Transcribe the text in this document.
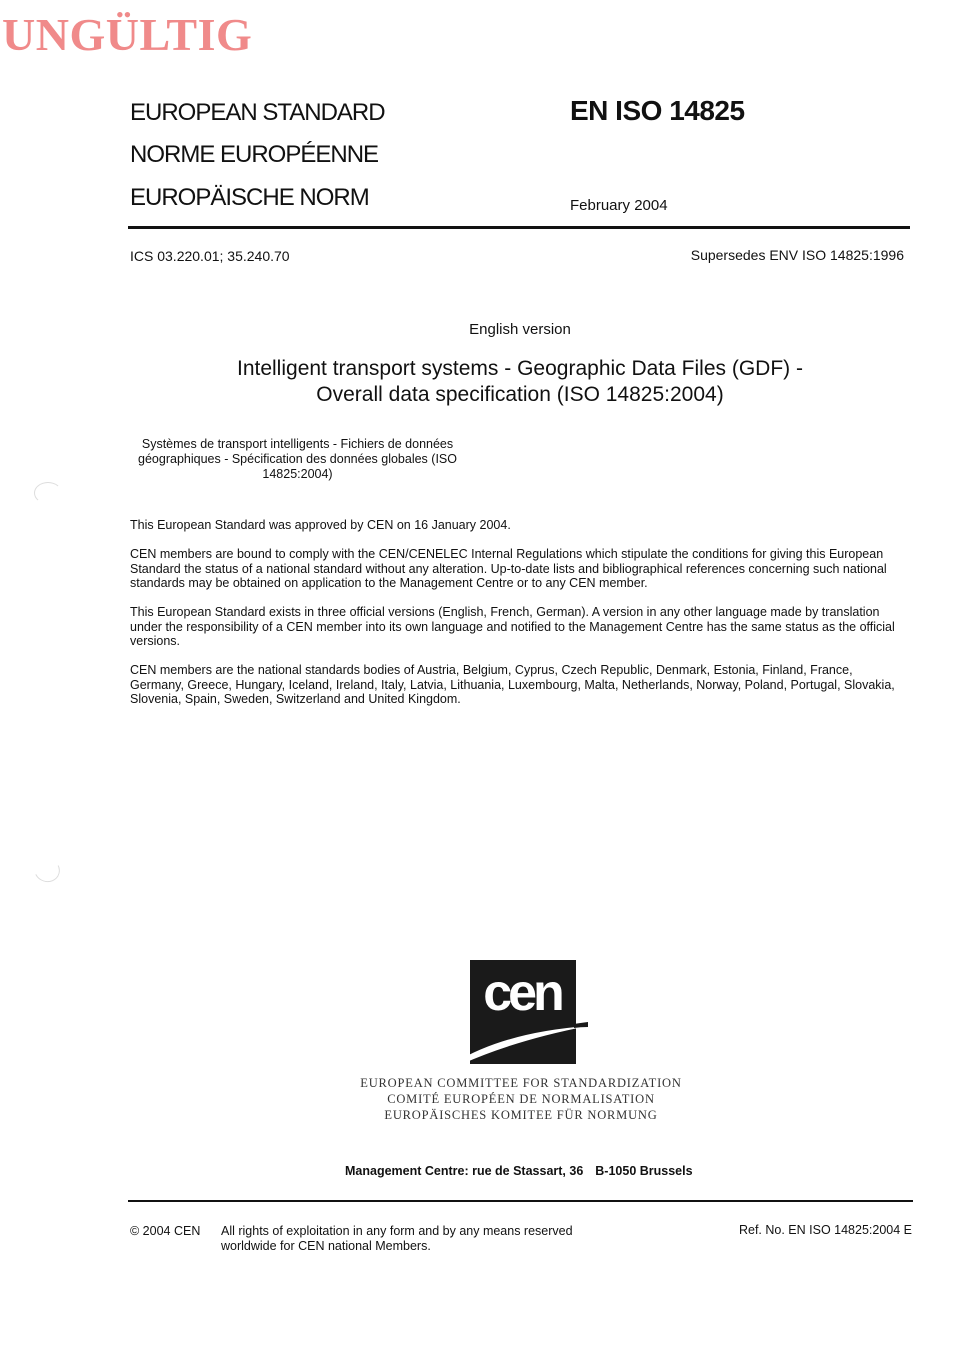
UNGÜLTIG
EUROPEAN STANDARD
NORME EUROPÉENNE
EUROPÄISCHE NORM
EN ISO 14825
February 2004
ICS 03.220.01; 35.240.70	Supersedes ENV ISO 14825:1996
English version
Intelligent transport systems - Geographic Data Files (GDF) -
Overall data specification (ISO 14825:2004)
Systèmes de transport intelligents - Fichiers de données
géographiques - Spécification des données globales (ISO
14825:2004)
This European Standard was approved by CEN on 16 January 2004.
CEN members are bound to comply with the CEN/CENELEC Internal Regulations which stipulate the conditions for giving this European
Standard the status of a national standard without any alteration. Up-to-date lists and bibliographical references concerning such national
standards may be obtained on application to the Management Centre or to any CEN member.
This European Standard exists in three official versions (English, French, German). A version in any other language made by translation
under the responsibility of a CEN member into its own language and notified to the Management Centre has the same status as the official
versions.
CEN members are the national standards bodies of Austria, Belgium, Cyprus, Czech Republic, Denmark, Estonia, Finland, France,
Germany, Greece, Hungary, Iceland, Ireland, Italy, Latvia, Lithuania, Luxembourg, Malta, Netherlands, Norway, Poland, Portugal, Slovakia,
Slovenia, Spain, Sweden, Switzerland and United Kingdom.
cen
EUROPEAN COMMITTEE FOR STANDARDIZATION
COMITÉ EUROPÉEN DE NORMALISATION
EUROPÄISCHES KOMITEE FÜR NORMUNG
Management Centre: rue de Stassart, 36 B-1050 Brussels
© 2004 CEN All rights of exploitation in any form and by any means reserved
worldwide for CEN national Members.
Ref. No. EN ISO 14825:2004 E
